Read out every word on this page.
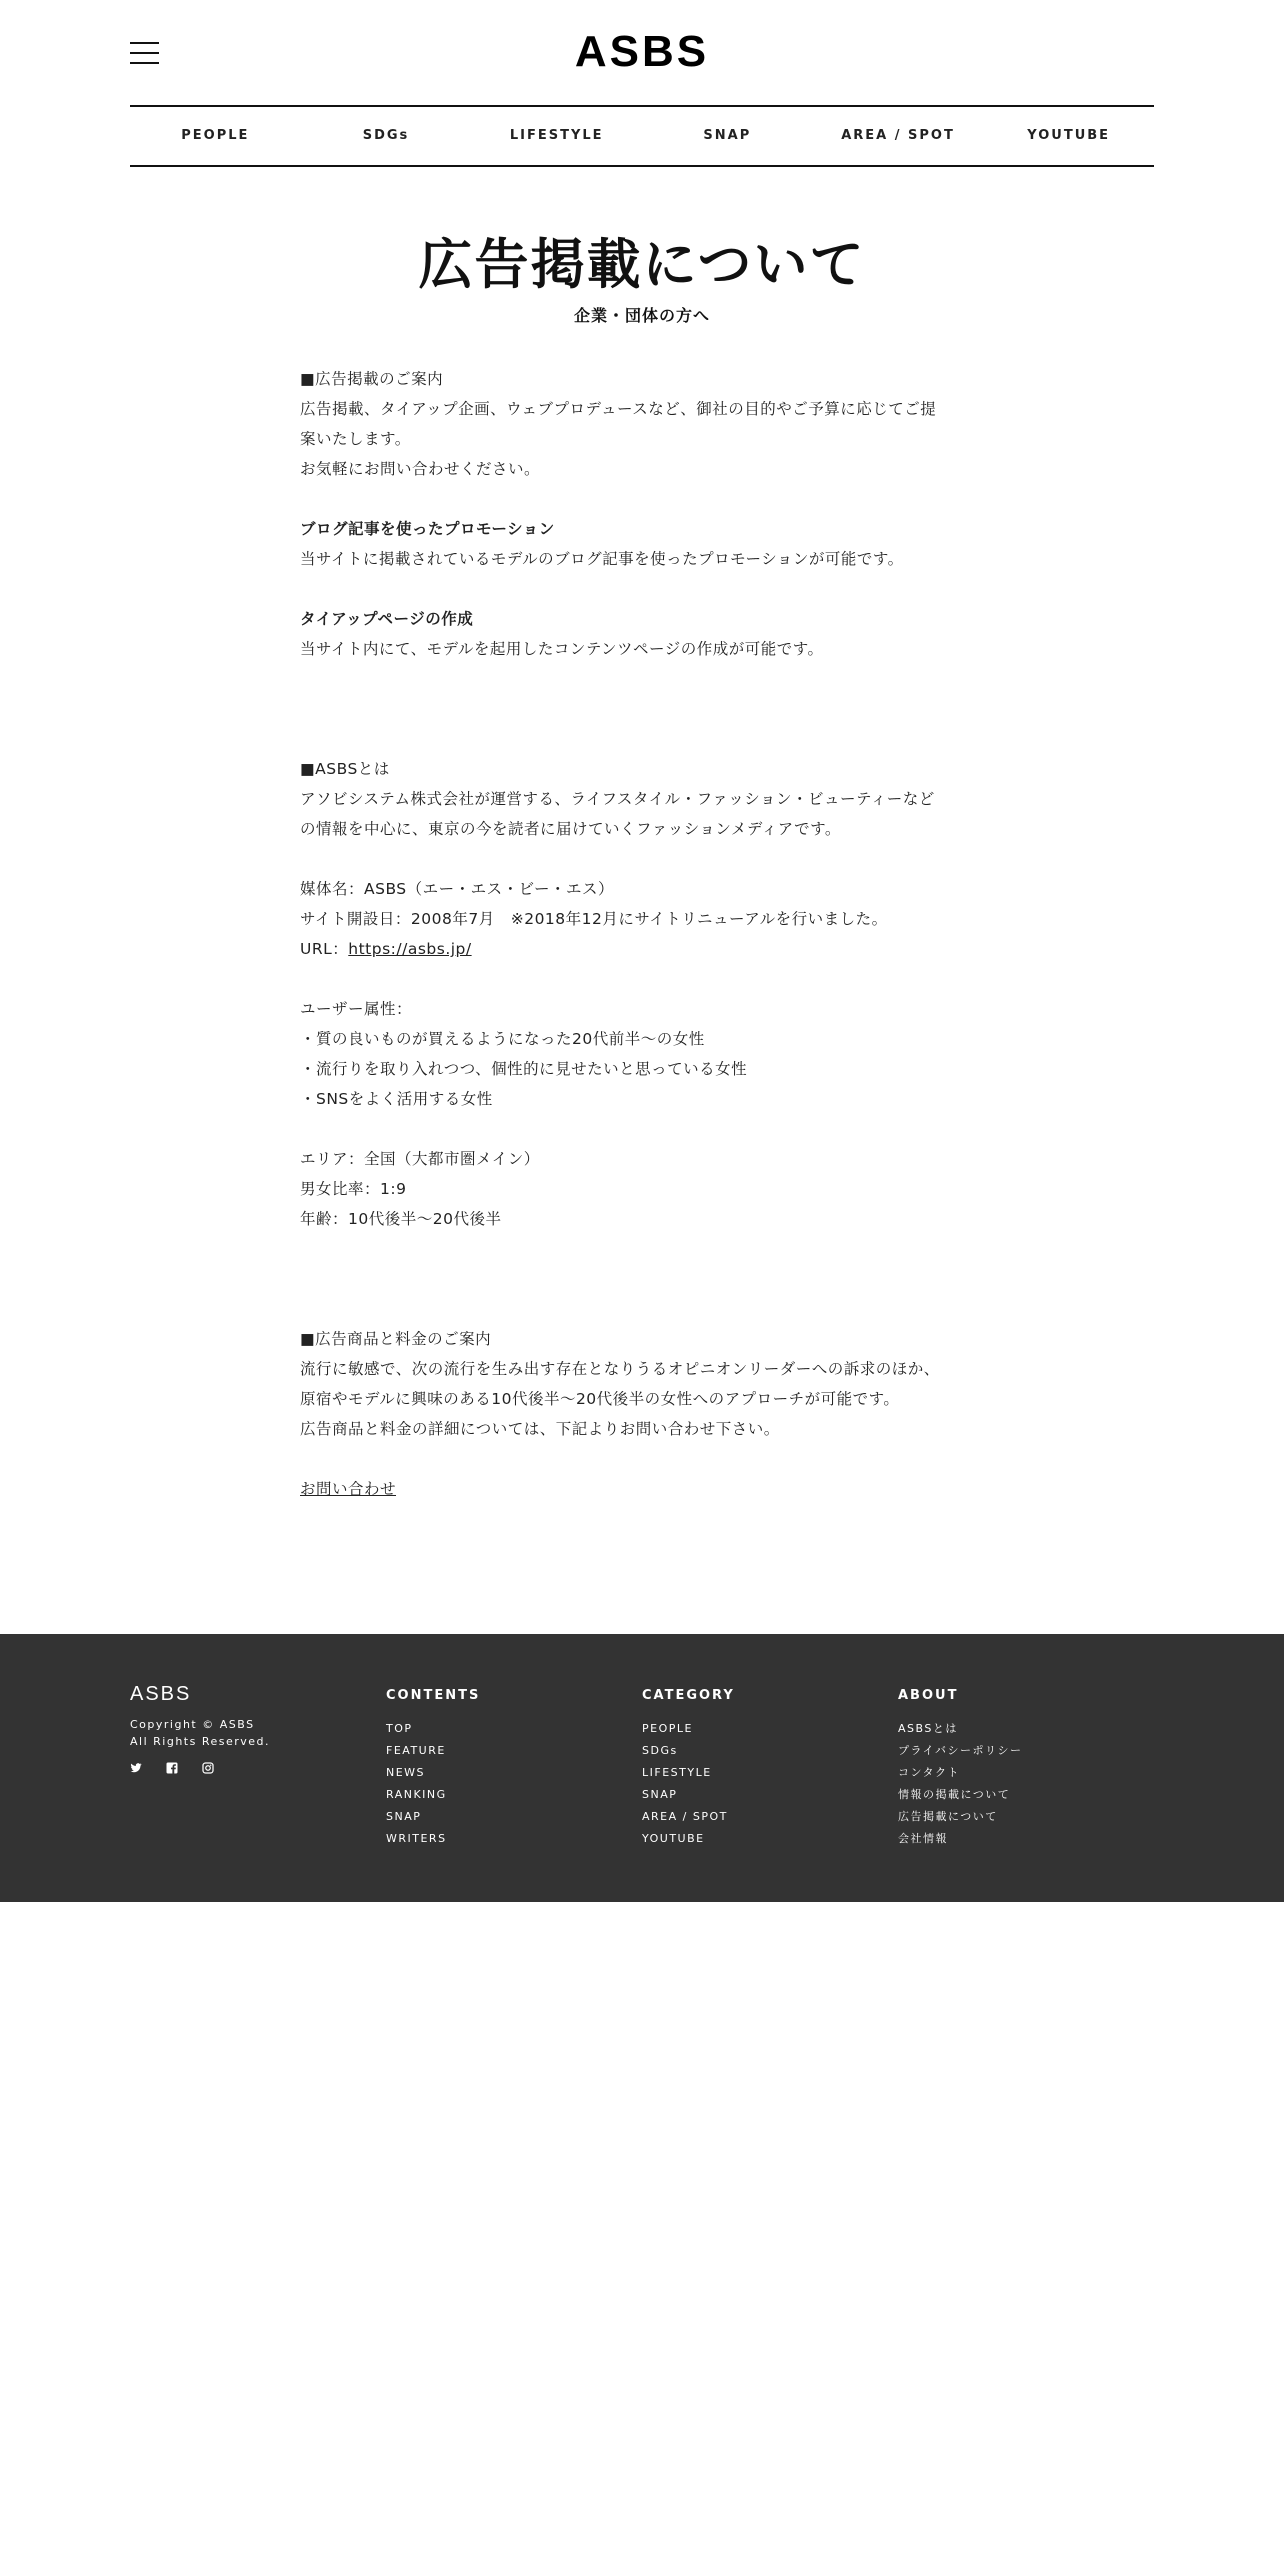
ASBS
PEOPLE	SDGs	LIFESTYLE	SNAP	AREA / SPOT	YOUTUBE
広告掲載について
企業・団体の方へ

■広告掲載のご案内

広告掲載、タイアップ企画、ウェブプロデュースなど、御社の目的やご予算に応じてご提

案いたします。

お気軽にお問い合わせください。

ブログ記事を使ったプロモーション

当サイトに掲載されているモデルのブログ記事を使ったプロモーションが可能です。

タイアップページの作成

当サイト内にて、モデルを起用したコンテンツページの作成が可能です。

■ASBSとは

アソビシステム株式会社が運営する、ライフスタイル・ファッション・ビューティーなど

の情報を中心に、東京の今を読者に届けていくファッションメディアです。

媒体名：ASBS（エー・エス・ビー・エス）

サイト開設日：2008年7月　※2018年12月にサイトリニューアルを行いました。

URL：https://asbs.jp/

ユーザー属性：

・質の良いものが買えるようになった20代前半〜の女性

・流行りを取り入れつつ、個性的に見せたいと思っている女性

・SNSをよく活用する女性

エリア：全国（大都市圏メイン）

男女比率：1:9

年齢：10代後半〜20代後半

■広告商品と料金のご案内

流行に敏感で、次の流行を生み出す存在となりうるオピニオンリーダーへの訴求のほか、

原宿やモデルに興味のある10代後半〜20代後半の女性へのアプローチが可能です。

広告商品と料金の詳細については、下記よりお問い合わせ下さい。

お問い合わせ

ASBS
Copyright © ASBS
All Rights Reserved.
CONTENTS
TOP
FEATURE
NEWS
RANKING
SNAP
WRITERS
CATEGORY
PEOPLE
SDGs
LIFESTYLE
SNAP
AREA / SPOT
YOUTUBE
ABOUT
ASBSとは
プライバシーポリシー
コンタクト
情報の掲載について
広告掲載について
会社情報
